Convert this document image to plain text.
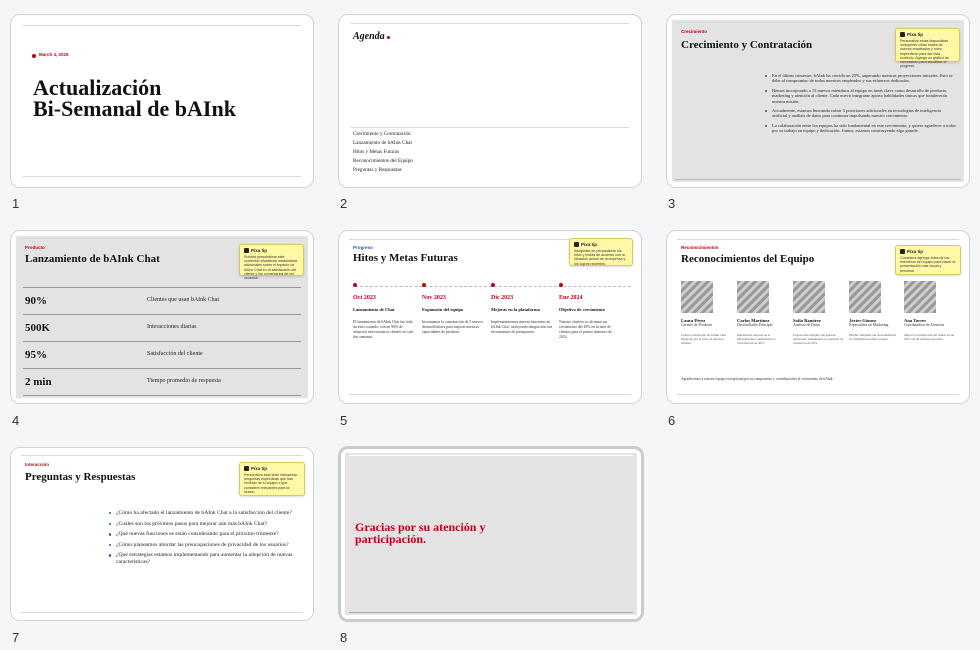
March 4, 2025
Actualización
Bi-Semanal de bAInk
1
Agenda
Crecimiento y Contratación
Lanzamiento de bAInk Chat
Hitos y Metas Futuras
Reconocimientos del Equipo
Preguntas y Respuestas
2
Crecimiento
Crecimiento y Contratación
Pixa tip
Personaliza estas diapositivas incluyendo cifras reales de nuevos empleados y roles específicos para dar más contexto. Agrega un gráfico de crecimiento para visualizar el progreso.
En el último trimestre, bAInk ha crecido un 25%, superando nuestras proyecciones iniciales. Esto se debe al compromiso de todos nuestros empleados y sus esfuerzos dedicados.
Hemos incorporado a 15 nuevos miembros al equipo en áreas clave como desarrollo de producto, marketing y atención al cliente. Cada nuevo integrante aporta habilidades únicas que fortalecerán nuestra misión.
Actualmente, estamos buscando cubrir 5 posiciones adicionales en tecnologías de inteligencia artificial y análisis de datos para continuar impulsando nuestro crecimiento.
La colaboración entre los equipos ha sido fundamental en este crecimiento, y quiero agradecer a todos por su trabajo en equipo y dedicación. Juntos, estamos construyendo algo grande.
3
Producto
Lanzamiento de bAInk Chat
Pixa tip
Puedes personalizar este contenido añadiendo estadísticas adicionales sobre el impacto de bAInk Chat en la satisfacción del cliente y los comentarios de los usuarios.
90%	Clientes que usan bAInk Chat
500K	Interacciones diarias
95%	Satisfacción del cliente
2 min	Tiempo promedio de respuesta
4
Progreso
Hitos y Metas Futuras
Pixa tip
Asegúrate de personalizar los hitos y metas de acuerdo con la situación actual de la empresa y los logros recientes.
Oct 2023
Lanzamiento de Chat
El lanzamiento de bAInk Chat fue todo un éxito rotundo, con un 90% de adopción entre nuestros clientes en solo dos semanas.
Nov 2023
Expansión del equipo
Incrementar la contratación de 5 nuevos desarrolladores para mejorar nuestras capacidades de producto.
Dic 2023
Mejoras en la plataforma
Implementaremos nuevas funciones en bAInk Chat, incluyendo integración con herramientas de presupuesto.
Ene 2024
Objetivo de crecimiento
Nuestro objetivo es alcanzar un crecimiento del 20% en la base de clientes para el primer trimestre de 2024.
5
Reconocimientos
Reconocimientos del Equipo
Pixa tip
Considera agregar fotos de los miembros del equipo para hacer la presentación más visual y personal.
Laura Pérez
Gerente de Producto
Lideró el desarrollo de bAInk Chat, integrado por el éxito de nuestros clientes.
Carlos Martínez
Desarrollador Principal
Implementó mejoras en la infraestructura, aumentando la velocidad en un 40%.
Sofía Ramírez
Analista de Datos
Proporcionó insights que generan decisiones, aumentando la retención de clientes en un 30%.
Javier Gómez
Especialista en Marketing
Diseñó campañas que incrementaron la visibilidad en redes sociales.
Ana Torres
Coordinadora de Atención
Mejoró la satisfacción del cliente en un 20% con un enfoque proactivo.
Agradecemos a nuestro equipo excepcional por su compromiso y contribuciones al crecimiento de bAInk.
6
Interacción
Preguntas y Respuestas
Pixa tip
Personaliza esta slide incluyendo preguntas específicas que has recibido de tu equipo o que considere relevantes para la sesión.
¿Cómo ha afectado el lanzamiento de bAInk Chat a la satisfacción del cliente?
¿Cuáles son los próximos pasos para mejorar aún más bAInk Chat?
¿Qué nuevas funciones se están considerando para el próximo trimestre?
¿Cómo planeamos abordar las preocupaciones de privacidad de los usuarios?
¿Qué estrategias estamos implementando para aumentar la adopción de nuevas características?
7
Gracias por su atención y participación.
8
